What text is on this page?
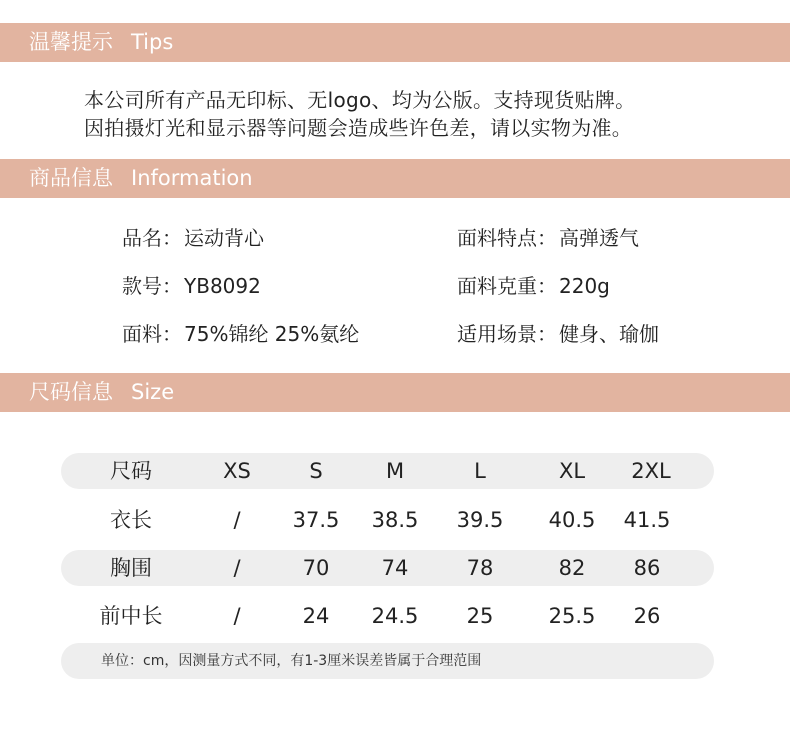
温馨提示 Tips
本公司所有产品无印标、无logo、均为公版。支持现货贴牌。
因拍摄灯光和显示器等问题会造成些许色差，请以实物为准。
商品信息 Information
品名： 运动背心
款号： YB8092
面料： 75%锦纶 25%氨纶
面料特点： 高弹透气
面料克重： 220g
适用场景： 健身、瑜伽
尺码信息 Size
尺码	XS	S	M	L	XL 2XL
衣长	/ 37.5 38.5 39.5 40.5 41.5
胸围	/	70 74	78	82 86
前中长	/	24 24.5 25	25.5 26
单位：cm，因测量方式不同，有1-3厘米误差皆属于合理范围
